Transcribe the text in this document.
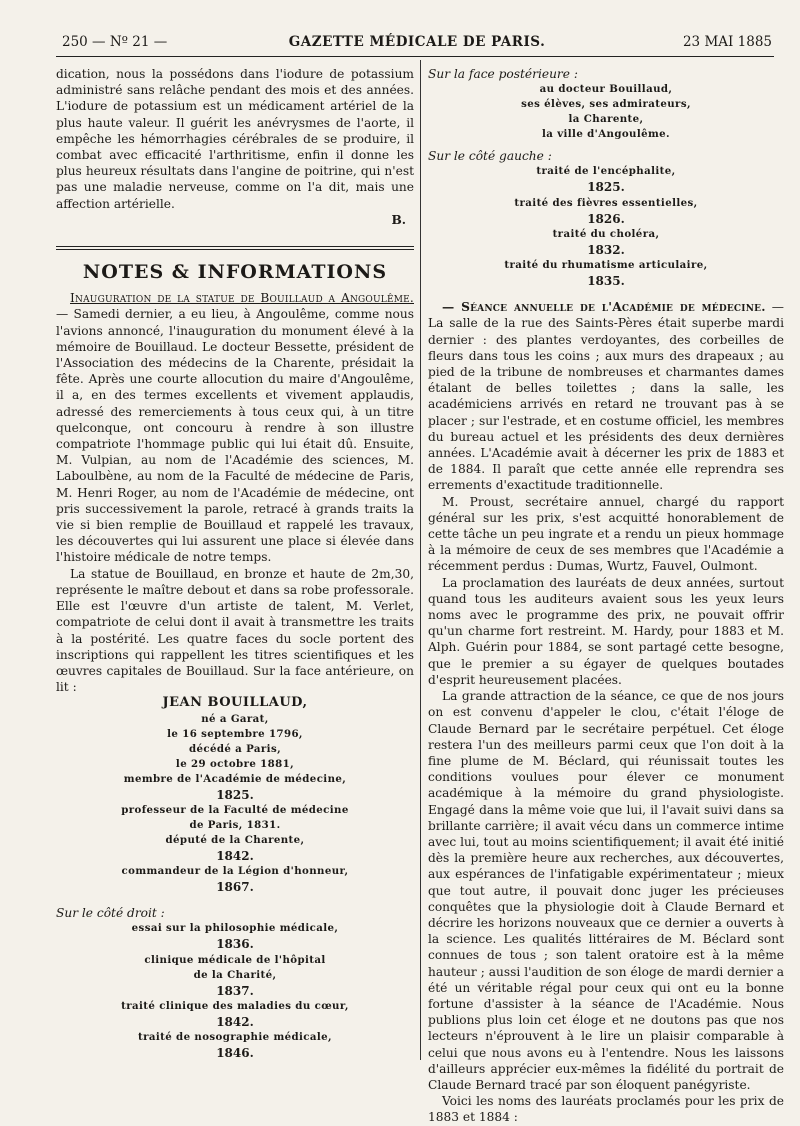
250 — Nº 21 —	GAZETTE MÉDICALE DE PARIS.	23 MAI 1885

dication, nous la possédons dans l'iodure de potassium administré sans relâche pendant des mois et des années. L'iodure de potassium est un médicament artériel de la plus haute valeur. Il guérit les anévrysmes de l'aorte, il empêche les hémorrhagies cérébrales de se produire, il combat avec efficacité l'arthritisme, enfin il donne les plus heureux résultats dans l'angine de poitrine, qui n'est pas une maladie nerveuse, comme on l'a dit, mais une affection artérielle.

B.
NOTES & INFORMATIONS

Inauguration de la statue de Bouillaud a Angoulême. — Samedi dernier, a eu lieu, à Angoulême, comme nous l'avions annoncé, l'inauguration du monument élevé à la mémoire de Bouillaud. Le docteur Bessette, président de l'Association des médecins de la Charente, présidait la fête. Après une courte allocution du maire d'Angoulême, il a, en des termes excellents et vivement applaudis, adressé des remerciements à tous ceux qui, à un titre quelconque, ont concouru à rendre à son illustre compatriote l'hommage public qui lui était dû. Ensuite, M. Vulpian, au nom de l'Académie des sciences, M. Laboulbène, au nom de la Faculté de médecine de Paris, M. Henri Roger, au nom de l'Académie de médecine, ont pris successivement la parole, retracé à grands traits la vie si bien remplie de Bouillaud et rappelé les travaux, les découvertes qui lui assurent une place si élevée dans l'histoire médicale de notre temps.

La statue de Bouillaud, en bronze et haute de 2m,30, représente le maître debout et dans sa robe professorale. Elle est l'œuvre d'un artiste de talent, M. Verlet, compatriote de celui dont il avait à transmettre les traits à la postérité. Les quatre faces du socle portent des inscriptions qui rappellent les titres scientifiques et les œuvres capitales de Bouillaud. Sur la face antérieure, on lit :

JEAN BOUILLAUD,
né a Garat,
le 16 septembre 1796,
décédé a Paris,
le 29 octobre 1881,
membre de l'Académie de médecine,
1825.
professeur de la Faculté de médecine
de Paris, 1831.
député de la Charente,
1842.
commandeur de la Légion d'honneur,
1867.

Sur le côté droit :

essai sur la philosophie médicale,
1836.
clinique médicale de l'hôpital
de la Charité,
1837.
traité clinique des maladies du cœur,
1842.
traité de nosographie médicale,
1846.

Sur la face postérieure :

au docteur Bouillaud,
ses élèves, ses admirateurs,
la Charente,
la ville d'Angoulême.

Sur le côté gauche :

traité de l'encéphalite,
1825.
traité des fièvres essentielles,
1826.
traité du choléra,
1832.
traité du rhumatisme articulaire,
1835.

— Séance annuelle de l'Académie de médecine. — La salle de la rue des Saints-Pères était superbe mardi dernier : des plantes verdoyantes, des corbeilles de fleurs dans tous les coins ; aux murs des drapeaux ; au pied de la tribune de nombreuses et charmantes dames étalant de belles toilettes ; dans la salle, les académiciens arrivés en retard ne trouvant pas à se placer ; sur l'estrade, et en costume officiel, les membres du bureau actuel et les présidents des deux dernières années. L'Académie avait à décerner les prix de 1883 et de 1884. Il paraît que cette année elle reprendra ses errements d'exactitude traditionnelle.

M. Proust, secrétaire annuel, chargé du rapport général sur les prix, s'est acquitté honorablement de cette tâche un peu ingrate et a rendu un pieux hommage à la mémoire de ceux de ses membres que l'Académie a récemment perdus : Dumas, Wurtz, Fauvel, Oulmont.

La proclamation des lauréats de deux années, surtout quand tous les auditeurs avaient sous les yeux leurs noms avec le programme des prix, ne pouvait offrir qu'un charme fort restreint. M. Hardy, pour 1883 et M. Alph. Guérin pour 1884, se sont partagé cette besogne, que le premier a su égayer de quelques boutades d'esprit heureusement placées.

La grande attraction de la séance, ce que de nos jours on est convenu d'appeler le clou, c'était l'éloge de Claude Bernard par le secrétaire perpétuel. Cet éloge restera l'un des meilleurs parmi ceux que l'on doit à la fine plume de M. Béclard, qui réunissait toutes les conditions voulues pour élever ce monument académique à la mémoire du grand physiologiste. Engagé dans la même voie que lui, il l'avait suivi dans sa brillante carrière; il avait vécu dans un commerce intime avec lui, tout au moins scientifiquement; il avait été initié dès la première heure aux recherches, aux découvertes, aux espérances de l'infatigable expérimentateur ; mieux que tout autre, il pouvait donc juger les précieuses conquêtes que la physiologie doit à Claude Bernard et décrire les horizons nouveaux que ce dernier a ouverts à la science. Les qualités littéraires de M. Béclard sont connues de tous ; son talent oratoire est à la même hauteur ; aussi l'audition de son éloge de mardi dernier a été un véritable régal pour ceux qui ont eu la bonne fortune d'assister à la séance de l'Académie. Nous publions plus loin cet éloge et ne doutons pas que nos lecteurs n'éprouvent à le lire un plaisir comparable à celui que nous avons eu à l'entendre. Nous les laissons d'ailleurs apprécier eux-mêmes la fidélité du portrait de Claude Bernard tracé par son éloquent panégyriste.

Voici les noms des lauréats proclamés pour les prix de 1883 et 1884 :
